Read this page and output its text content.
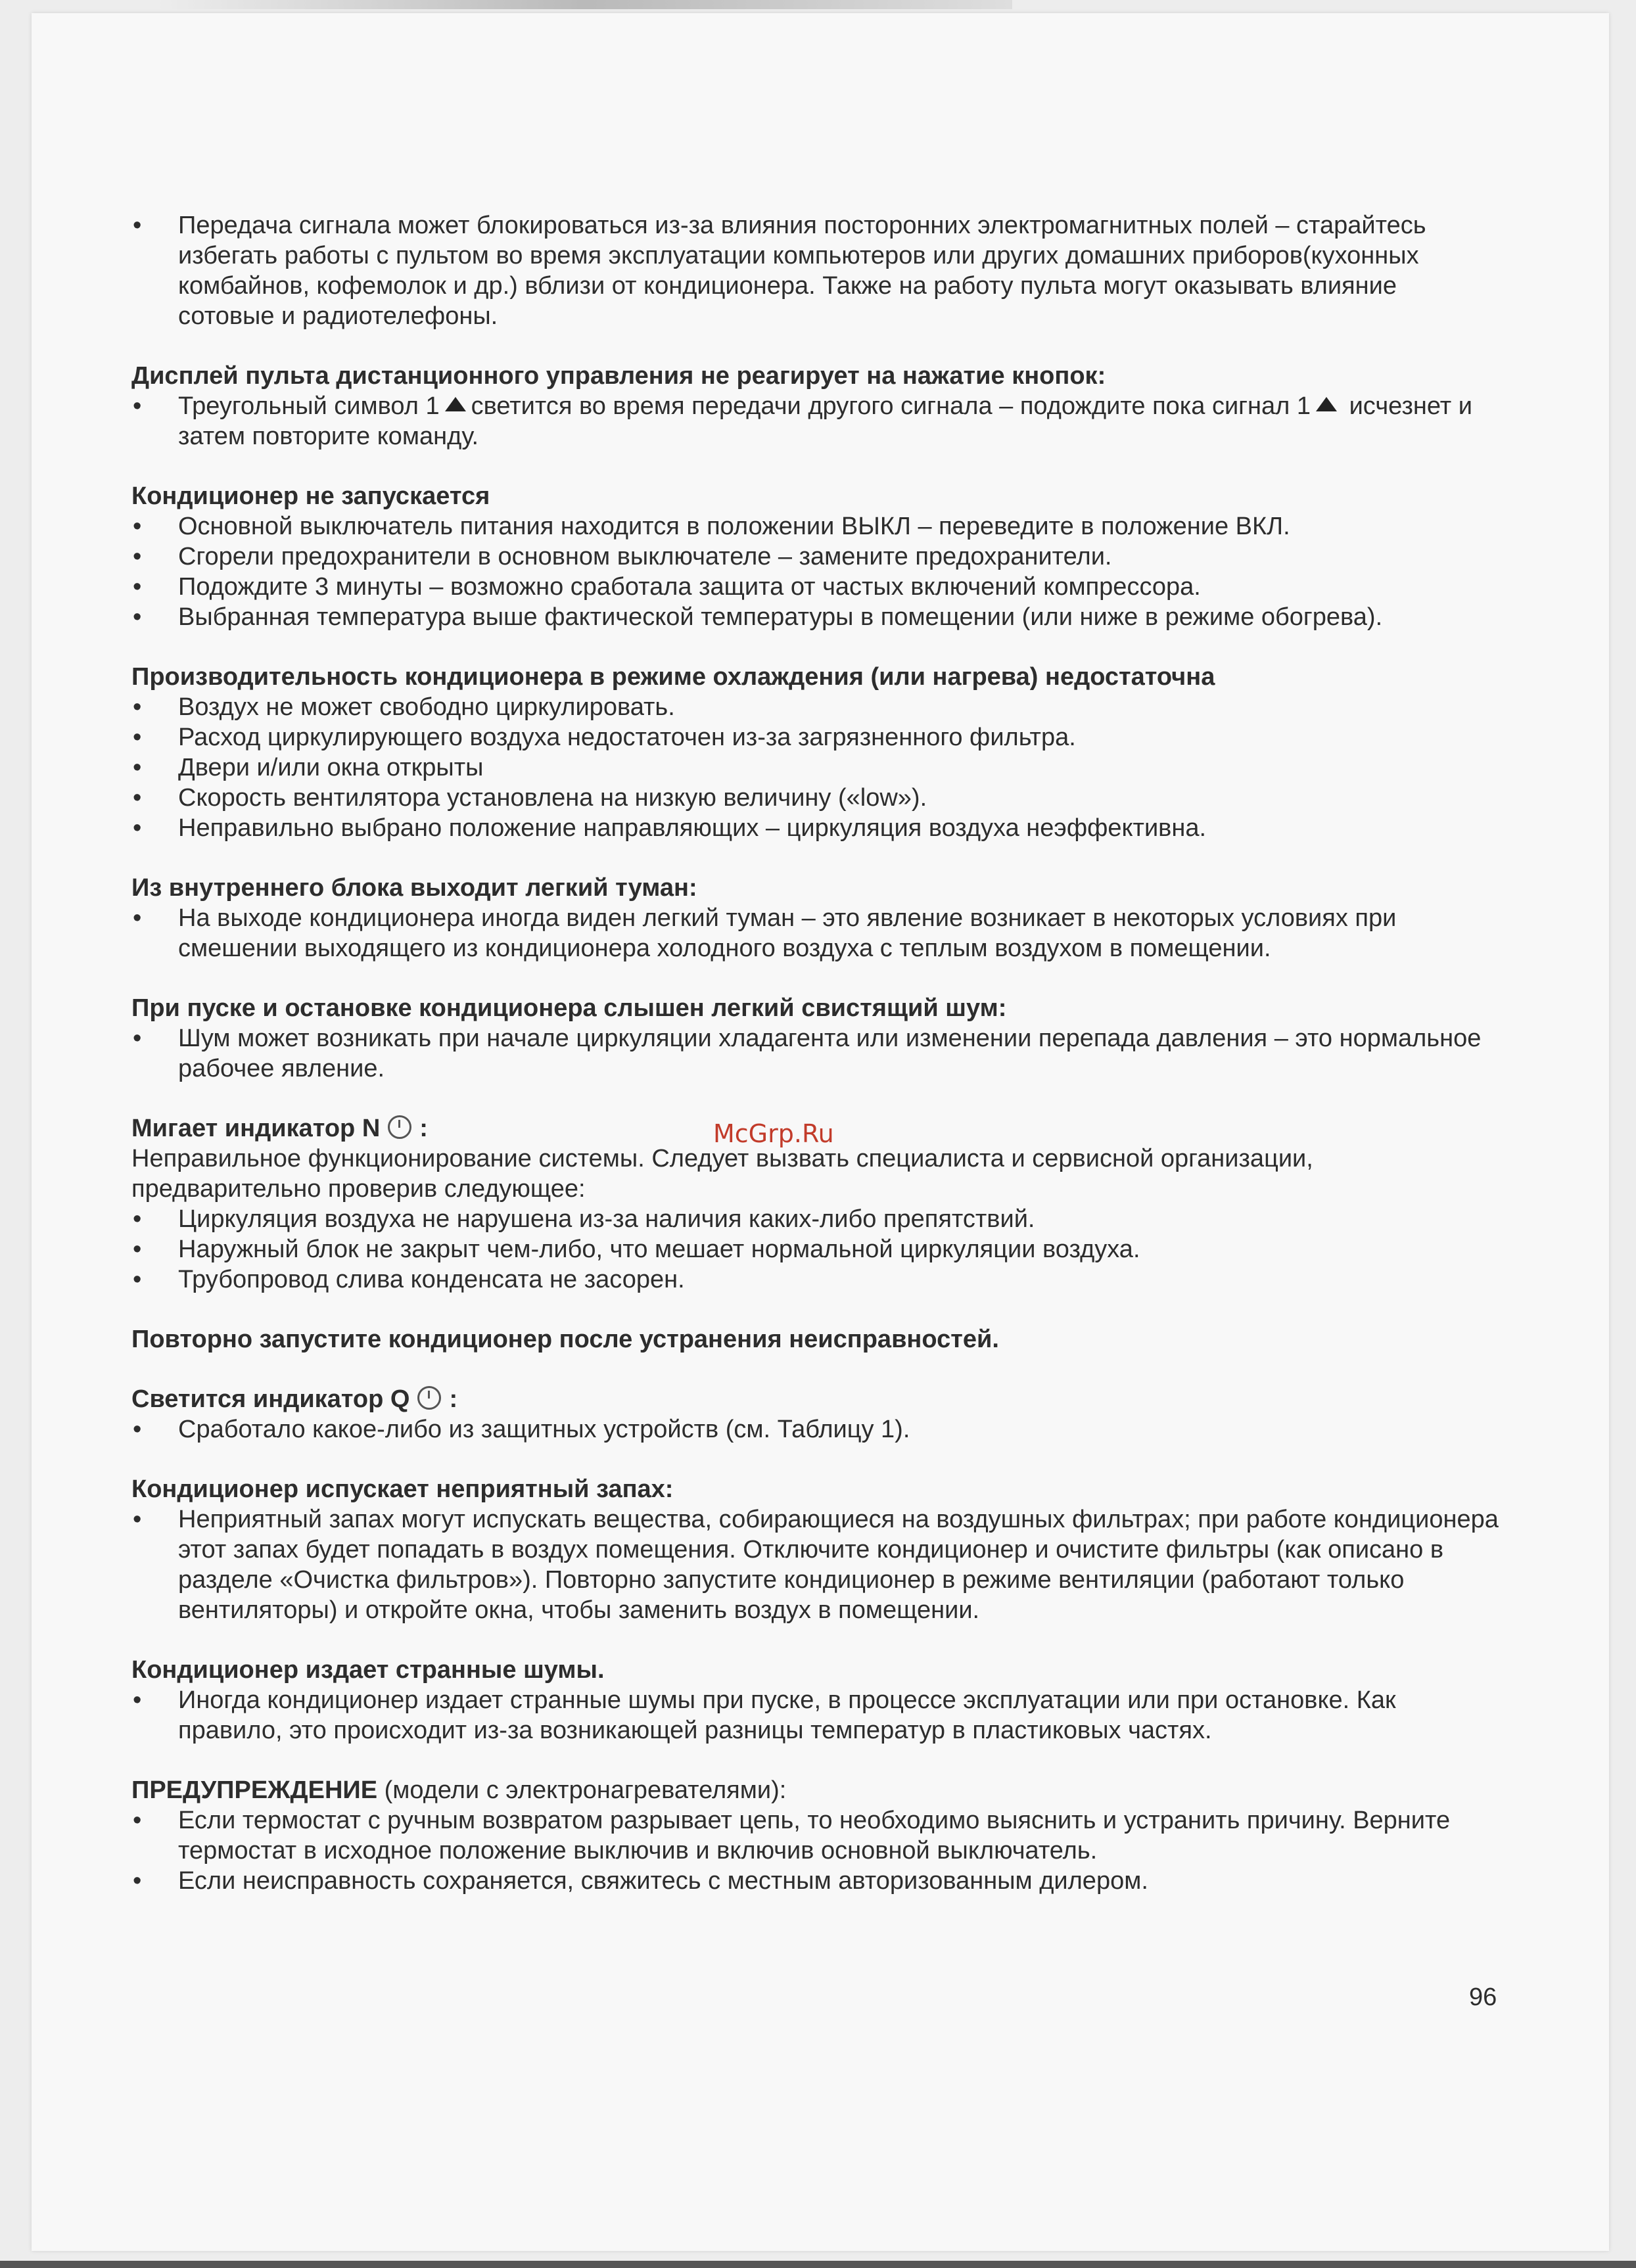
• Передача сигнала может блокироваться из-за влияния посторонних электромагнитных полей – старайтесь избегать работы с пультом во время эксплуатации компьютеров или других домашних приборов(кухонных комбайнов, кофемолок и др.) вблизи от кондиционера. Также на работу пульта могут оказывать влияние сотовые и радиотелефоны.

Дисплей пульта дистанционного управления не реагирует на нажатие кнопок:

• Треугольный символ 1 светится во время передачи другого сигнала – подождите пока сигнал 1 исчезнет и затем повторите команду.

Кондиционер не запускается

• Основной выключатель питания находится в положении ВЫКЛ – переведите в положение ВКЛ.
• Сгорели предохранители в основном выключателе – замените предохранители.
• Подождите 3 минуты – возможно сработала защита от частых включений компрессора.
• Выбранная температура выше фактической температуры в помещении (или ниже в режиме обогрева).

Производительность кондиционера в режиме охлаждения (или нагрева) недостаточна

• Воздух не может свободно циркулировать.
• Расход циркулирующего воздуха недостаточен из-за загрязненного фильтра.
• Двери и/или окна открыты
• Скорость вентилятора установлена на низкую величину («low»).
• Неправильно выбрано положение направляющих – циркуляция воздуха неэффективна.

Из внутреннего блока выходит легкий туман:

• На выходе кондиционера иногда виден легкий туман – это явление возникает в некоторых условиях при смешении выходящего из кондиционера холодного воздуха с теплым воздухом в помещении.

При пуске и остановке кондиционера слышен легкий свистящий шум:

• Шум может возникать при начале циркуляции хладагента или изменении перепада давления – это нормальное рабочее явление.

Мигает индикатор N :

Неправильное функционирование системы. Следует вызвать специалиста и сервисной организации, предварительно проверив следующее:

• Циркуляция воздуха не нарушена из-за наличия каких-либо препятствий.
• Наружный блок не закрыт чем-либо, что мешает нормальной циркуляции воздуха.
• Трубопровод слива конденсата не засорен.

Повторно запустите кондиционер после устранения неисправностей.

Светится индикатор Q :

• Сработало какое-либо из защитных устройств (см. Таблицу 1).

Кондиционер испускает неприятный запах:

• Неприятный запах могут испускать вещества, собирающиеся на воздушных фильтрах; при работе кондиционера этот запах будет попадать в воздух помещения. Отключите кондиционер и очистите фильтры (как описано в разделе «Очистка фильтров»). Повторно запустите кондиционер в режиме вентиляции (работают только вентиляторы) и откройте окна, чтобы заменить воздух в помещении.

Кондиционер издает странные шумы.

• Иногда кондиционер издает странные шумы при пуске, в процессе эксплуатации или при остановке. Как правило, это происходит из-за возникающей разницы температур в пластиковых частях.

ПРЕДУПРЕЖДЕНИЕ (модели с электронагревателями):

• Если термостат с ручным возвратом разрывает цепь, то необходимо выяснить и устранить причину. Верните термостат в исходное положение выключив и включив основной выключатель.
• Если неисправность сохраняется, свяжитесь с местным авторизованным дилером.
McGrp.Ru
96
